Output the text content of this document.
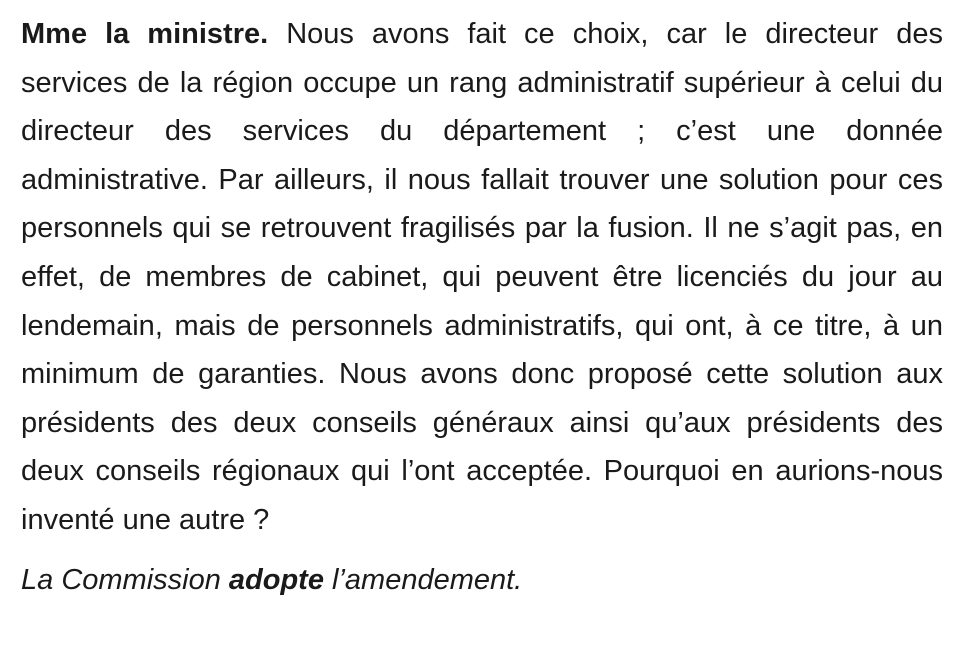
Mme la ministre. Nous avons fait ce choix, car le directeur des services de la région occupe un rang administratif supérieur à celui du directeur des services du département ; c’est une donnée administrative. Par ailleurs, il nous fallait trouver une solution pour ces personnels qui se retrouvent fragilisés par la fusion. Il ne s’agit pas, en effet, de membres de cabinet, qui peuvent être licenciés du jour au lendemain, mais de personnels administratifs, qui ont, à ce titre, à un minimum de garanties. Nous avons donc proposé cette solution aux présidents des deux conseils généraux ainsi qu’aux présidents des deux conseils régionaux qui l’ont acceptée. Pourquoi en aurions-nous inventé une autre ?

La Commission adopte l’amendement.
